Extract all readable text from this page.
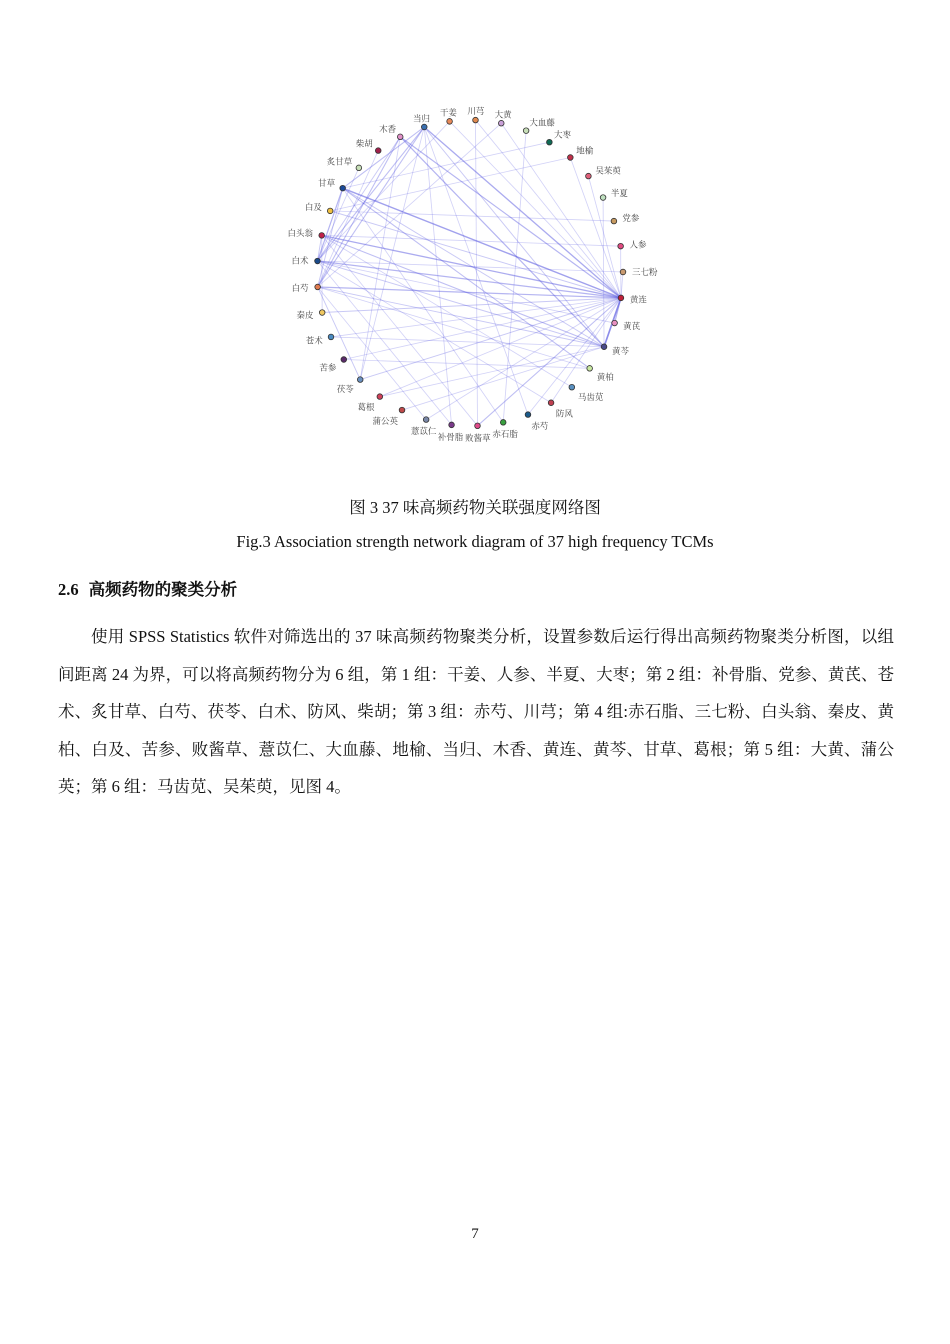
当归
干姜 川芎 大黄
大血藤
大枣
地榆
吴茱萸
半夏
党参
人参
三七粉
黄连
黄芪
黄芩
黄柏
马齿苋
防风
赤芍
赤石脂
败酱草
补骨脂
薏苡仁
蒲公英
葛根
茯苓
苦参
苍术
秦皮
白芍
白术
白头翁
白及
甘草
炙甘草
柴胡
木香
图 3 37 味高频药物关联强度网络图
Fig.3 Association strength network diagram of 37 high frequency TCMs
2.6 高频药物的聚类分析

使用 SPSS Statistics 软件对筛选出的 37 味高频药物聚类分析，设置参数后运行得出高频药物聚类分析图，以组间距离 24 为界，可以将高频药物分为 6 组，第 1 组：干姜、人参、半夏、大枣；第 2 组：补骨脂、党参、黄芪、苍术、炙甘草、白芍、茯苓、白术、防风、柴胡；第 3 组：赤芍、川芎；第 4 组:赤石脂、三七粉、白头翁、秦皮、黄柏、白及、苦参、败酱草、薏苡仁、大血藤、地榆、当归、木香、黄连、黄芩、甘草、葛根；第 5 组：大黄、蒲公英；第 6 组：马齿苋、吴茱萸，见图 4。

7
